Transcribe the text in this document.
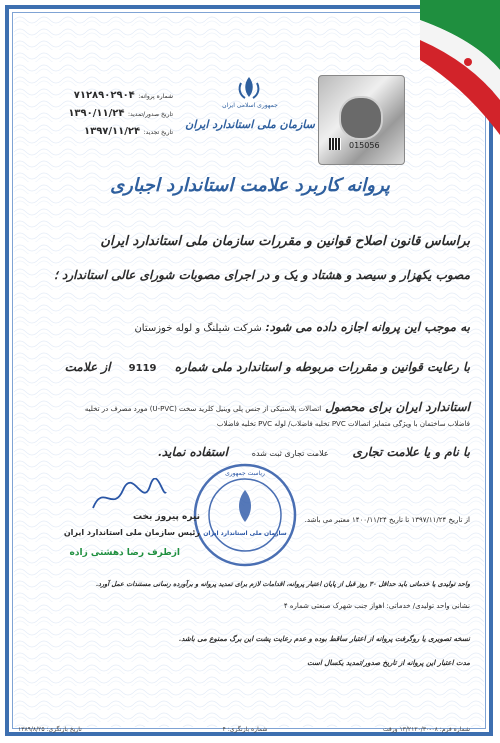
جمهوری اسلامی ایران
سازمان ملی استاندارد ایران
015056
شماره پروانه: ۷۱۲۸۹۰۲۹۰۴
تاریخ صدور/تمدید: ۱۳۹۰/۱۱/۲۴
تاریخ تجدید: ۱۳۹۷/۱۱/۲۴
پروانه کاربرد علامت استاندارد اجباری
براساس قانون اصلاح قوانین و مقررات سازمان ملی استاندارد ایران
مصوب یکهزار و سیصد و هشتاد و یک و در اجرای مصوبات شورای عالی استاندارد ؛
به موجب این پروانه اجازه داده می شود: شرکت شیلنگ و لوله خوزستان
با رعایت قوانین و مقررات مربوطه و استاندارد ملی شماره 9119 از علامت
استاندارد ایران برای محصول اتصالات پلاستیکی از جنس پلی وینیل کلرید سخت (U-PVC) مورد مصرف در تخلیه
فاضلاب ساختمان با ویژگی متمایز اتصالات PVC تخلیه فاضلاب/ لوله PVC تخلیه فاضلاب
با نام و یا علامت تجاری علامت تجاری ثبت شده استفاده نماید.
ریاست جمهوری
سازمان ملی استاندارد ایران
نیره پیروز بخت
رئیس سازمان ملی استاندارد ایران
ازطرف رضا دهشتی زاده
از تاریخ ۱۳۹۷/۱۱/۲۴ تا تاریخ ۱۴۰۰/۱۱/۲۴ معتبر می باشد.
واحد تولیدی یا خدماتی باید حداقل ۳۰ روز قبل از پایان اعتبار پروانه، اقدامات لازم برای تمدید پروانه و برآورده رسانی مستندات عمل آورد.
نشانی واحد تولیدی/ خدماتی: اهواز جنب شهرک صنعتی شماره ۴
نسخه تصویری یا روگرفت پروانه از اعتبار ساقط بوده و عدم رعایت پشت این برگ ممنوع می باشد.
مدت اعتبار این پروانه از تاریخ صدور/تمدید یکسال است
شماره فرم: ۰۸-۱۳/۲۱۲۰/۳۰ ورقت
شماره بازنگری: ۴
تاریخ بازنگری: ۱۳۸۹/۸/۲۵
